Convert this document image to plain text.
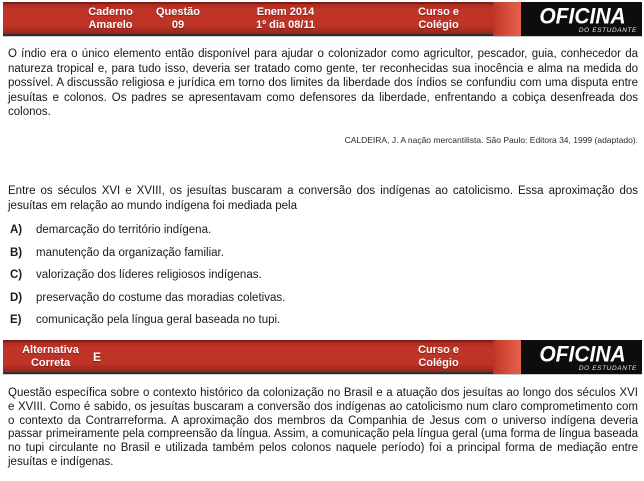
Caderno
Amarelo
Questão
09
Enem 2014
1º dia 08/11
Curso e
Colégio	OFICINA
DO ESTUDANTE

O índio era o único elemento então disponível para ajudar o colonizador como agricultor, pescador, guia, conhecedor da natureza tropical e, para tudo isso, deveria ser tratado como gente, ter reconhecidas sua inocência e alma na medida do possível. A discussão religiosa e jurídica em torno dos limites da liberdade dos índios se confundiu com uma disputa entre jesuítas e colonos. Os padres se apresentavam como defensores da liberdade, enfrentando a cobiça desenfreada dos colonos.

CALDEIRA, J. A nação mercantilista. São Paulo: Editora 34, 1999 (adaptado).

Entre os séculos XVI e XVIII, os jesuítas buscaram a conversão dos indígenas ao catolicismo. Essa aproximação dos jesuítas em relação ao mundo indígena foi mediada pela

A)	demarcação do território indígena.
B)	manutenção da organização familiar.
C)	valorização dos líderes religiosos indígenas.
D)	preservação do costume das moradias coletivas.
E)	comunicação pela língua geral baseada no tupi.
Alternativa
Correta	E	Curso e
Colégio	OFICINA
DO ESTUDANTE

Questão específica sobre o contexto histórico da colonização no Brasil e a atuação dos jesuítas ao longo dos séculos XVI e XVIII. Como é sabido, os jesuítas buscaram a conversão dos indígenas ao catolicismo num claro comprometimento com o contexto da Contrarreforma. A aproximação dos membros da Companhia de Jesus com o universo indígena deveria passar primeiramente pela compreensão da língua. Assim, a comunicação pela língua geral (uma forma de língua baseada no tupi circulante no Brasil e utilizada também pelos colonos naquele período) foi a principal forma de mediação entre jesuítas e indígenas.
